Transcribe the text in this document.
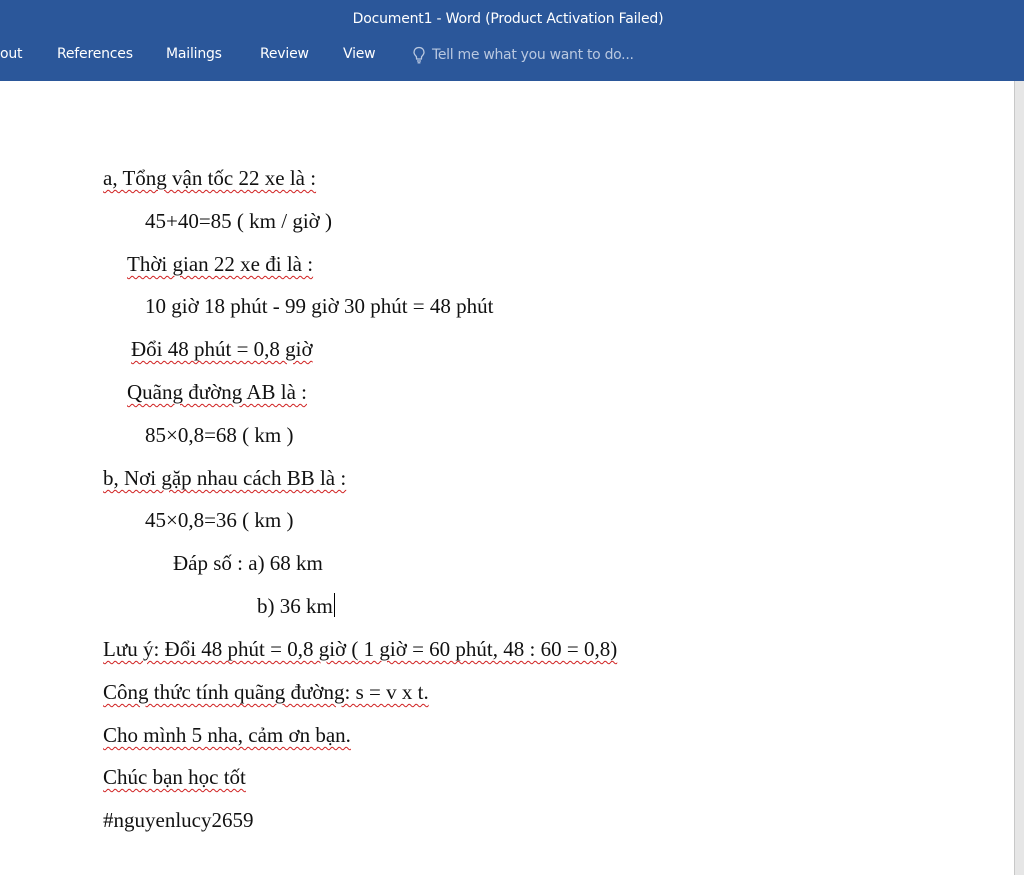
Document1 - Word (Product Activation Failed)
out References Mailings	Review View	Tell me what you want to do...
a, Tổng vận tốc 22 xe là :
45+40=85 ( km / giờ )
Thời gian 22 xe đi là :
10 giờ 18 phút - 99 giờ 30 phút = 48 phút
Đổi 48 phút = 0,8 giờ
Quãng đường AB là :
85×0,8=68 ( km )
b, Nơi gặp nhau cách BB là :
45×0,8=36 ( km )
Đáp số : a) 68 km
b) 36 km
Lưu ý: Đổi 48 phút = 0,8 giờ ( 1 giờ = 60 phút, 48 : 60 = 0,8)
Công thức tính quãng đường: s = v x t.
Cho mình 5 nha, cảm ơn bạn.
Chúc bạn học tốt
#nguyenlucy2659
